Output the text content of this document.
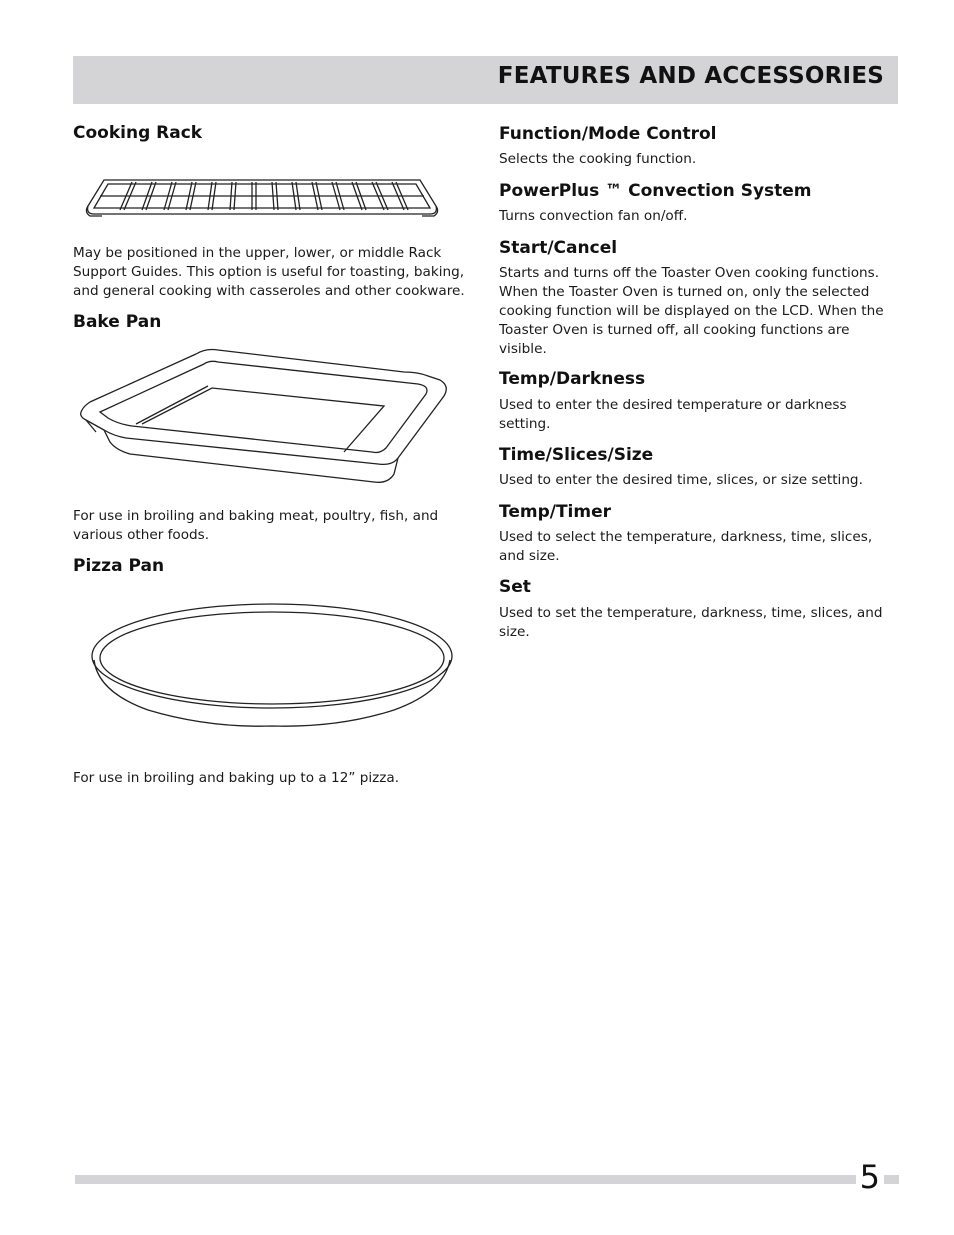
FEATURES AND ACCESSORIES
Cooking Rack

May be positioned in the upper, lower, or middle Rack Support Guides. This option is useful for toasting, baking, and general cooking with casseroles and other cookware.

Bake Pan

For use in broiling and baking meat, poultry, fish, and various other foods.

Pizza Pan

For use in broiling and baking up to a 12” pizza.

Function/Mode Control

Selects the cooking function.

PowerPlus ™ Convection System

Turns convection fan on/off.

Start/Cancel

Starts and turns off the Toaster Oven cooking functions. When the Toaster Oven is turned on, only the selected cooking function will be displayed on the LCD. When the Toaster Oven is turned off, all cooking functions are visible.

Temp/Darkness

Used to enter the desired temperature or darkness setting.

Time/Slices/Size

Used to enter the desired time, slices, or size setting.

Temp/Timer

Used to select the temperature, darkness, time, slices, and size.

Set

Used to set the temperature, darkness, time, slices, and size.

5
